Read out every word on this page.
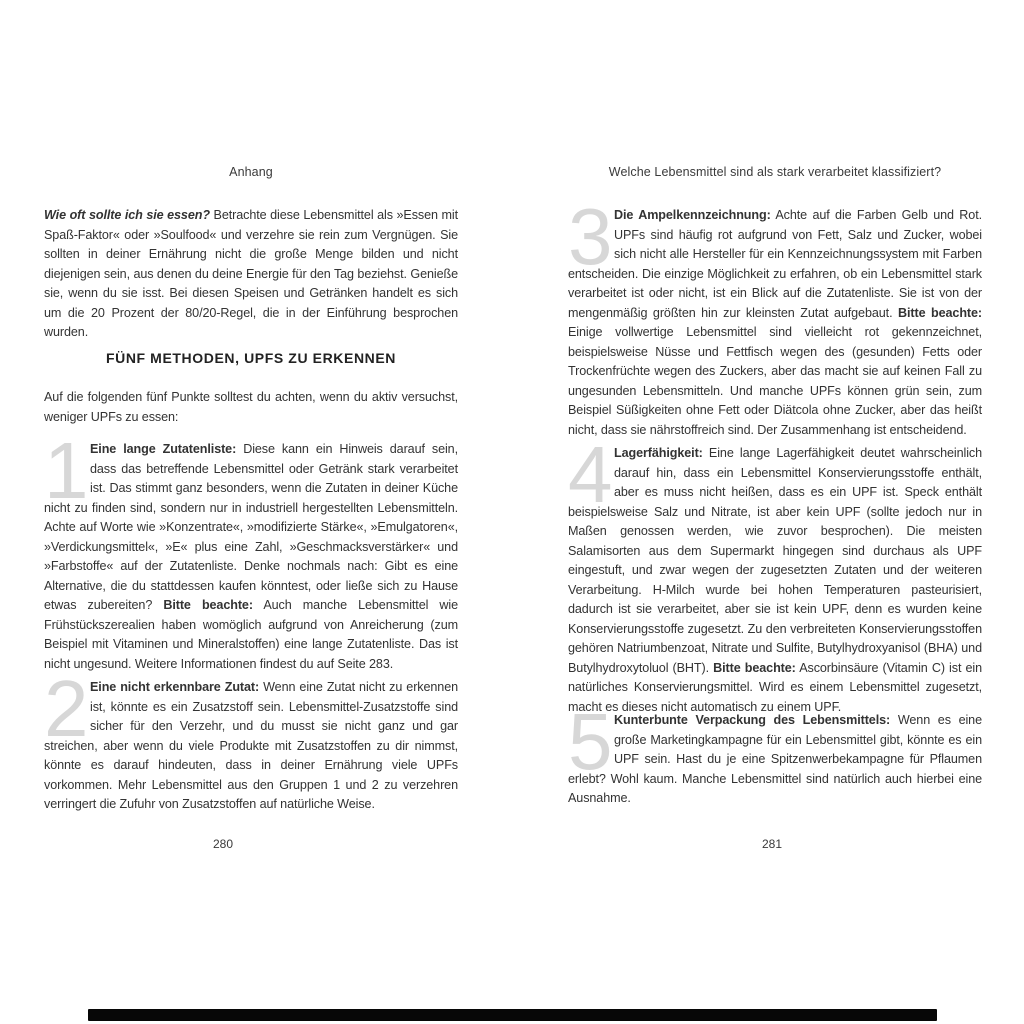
Anhang

Wie oft sollte ich sie essen? Betrachte diese Lebensmittel als »Essen mit Spaß-Faktor« oder »Soulfood« und verzehre sie rein zum Vergnügen. Sie sollten in deiner Ernährung nicht die große Menge bilden und nicht diejenigen sein, aus denen du deine Energie für den Tag beziehst. Genieße sie, wenn du sie isst. Bei diesen Speisen und Getränken handelt es sich um die 20 Prozent der 80/20-Regel, die in der Einführung besprochen wurden.

FÜNF METHODEN, UPFS ZU ERKENNEN

Auf die folgenden fünf Punkte solltest du achten, wenn du aktiv versuchst, weniger UPFs zu essen:

1 Eine lange Zutatenliste: Diese kann ein Hinweis darauf sein, dass das betreffende Lebensmittel oder Getränk stark verarbeitet ist. Das stimmt ganz besonders, wenn die Zutaten in deiner Küche nicht zu finden sind, sondern nur in industriell hergestellten Lebensmitteln. Achte auf Worte wie »Konzentrate«, »modifizierte Stärke«, »Emulgatoren«, »Verdickungsmittel«, »E« plus eine Zahl, »Geschmacksverstärker« und »Farbstoffe« auf der Zutatenliste. Denke nochmals nach: Gibt es eine Alternative, die du stattdessen kaufen könntest, oder ließe sich zu Hause etwas zubereiten? Bitte beachte: Auch manche Lebensmittel wie Frühstückszerealien haben womöglich aufgrund von Anreicherung (zum Beispiel mit Vitaminen und Mineralstoffen) eine lange Zutatenliste. Das ist nicht ungesund. Weitere Informationen findest du auf Seite 283.
2 Eine nicht erkennbare Zutat: Wenn eine Zutat nicht zu erkennen ist, könnte es ein Zusatzstoff sein. Lebensmittel-Zusatzstoffe sind sicher für den Verzehr, und du musst sie nicht ganz und gar streichen, aber wenn du viele Produkte mit Zusatzstoffen zu dir nimmst, könnte es darauf hindeuten, dass in deiner Ernährung viele UPFs vorkommen. Mehr Lebensmittel aus den Gruppen 1 und 2 zu verzehren verringert die Zufuhr von Zusatzstoffen auf natürliche Weise.
280
Welche Lebensmittel sind als stark verarbeitet klassifiziert?
3 Die Ampelkennzeichnung: Achte auf die Farben Gelb und Rot. UPFs sind häufig rot aufgrund von Fett, Salz und Zucker, wobei sich nicht alle Hersteller für ein Kennzeichnungssystem mit Farben entscheiden. Die einzige Möglichkeit zu erfahren, ob ein Lebensmittel stark verarbeitet ist oder nicht, ist ein Blick auf die Zutatenliste. Sie ist von der mengenmäßig größten hin zur kleinsten Zutat aufgebaut. Bitte beachte: Einige vollwertige Lebensmittel sind vielleicht rot gekennzeichnet, beispielsweise Nüsse und Fettfisch wegen des (gesunden) Fetts oder Trockenfrüchte wegen des Zuckers, aber das macht sie auf keinen Fall zu ungesunden Lebensmitteln. Und manche UPFs können grün sein, zum Beispiel Süßigkeiten ohne Fett oder Diätcola ohne Zucker, aber das heißt nicht, dass sie nährstoffreich sind. Der Zusammenhang ist entscheidend.
4 Lagerfähigkeit: Eine lange Lagerfähigkeit deutet wahrscheinlich darauf hin, dass ein Lebensmittel Konservierungsstoffe enthält, aber es muss nicht heißen, dass es ein UPF ist. Speck enthält beispielsweise Salz und Nitrate, ist aber kein UPF (sollte jedoch nur in Maßen genossen werden, wie zuvor besprochen). Die meisten Salamisorten aus dem Supermarkt hingegen sind durchaus als UPF eingestuft, und zwar wegen der zugesetzten Zutaten und der weiteren Verarbeitung. H-Milch wurde bei hohen Temperaturen pasteurisiert, dadurch ist sie verarbeitet, aber sie ist kein UPF, denn es wurden keine Konservierungsstoffe zugesetzt. Zu den verbreiteten Konservierungsstoffen gehören Natriumbenzoat, Nitrate und Sulfite, Butylhydroxyanisol (BHA) und Butylhydroxytoluol (BHT). Bitte beachte: Ascorbinsäure (Vitamin C) ist ein natürliches Konservierungsmittel. Wird es einem Lebensmittel zugesetzt, macht es dieses nicht automatisch zu einem UPF.
5 Kunterbunte Verpackung des Lebensmittels: Wenn es eine große Marketingkampagne für ein Lebensmittel gibt, könnte es ein UPF sein. Hast du je eine Spitzenwerbekampagne für Pflaumen erlebt? Wohl kaum. Manche Lebensmittel sind natürlich auch hierbei eine Ausnahme.
281
